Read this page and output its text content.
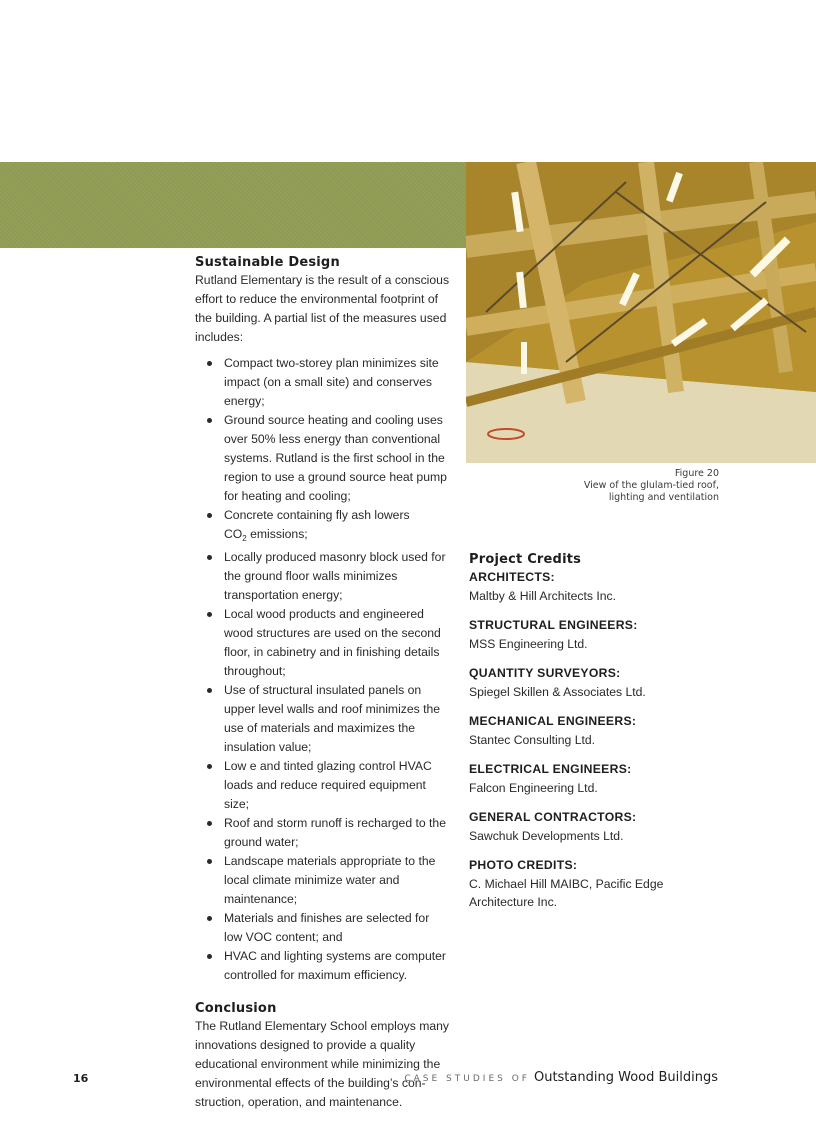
Figure 20
View of the glulam-tied roof,
lighting and ventilation
Sustainable Design

Rutland Elementary is the result of a conscious effort to reduce the environmental footprint of the building. A partial list of the measures used includes:

Compact two-storey plan minimizes site impact (on a small site) and conserves energy;
Ground source heating and cooling uses over 50% less energy than conventional systems. Rutland is the first school in the region to use a ground source heat pump for heating and cooling;
Concrete containing fly ash lowers
$CO_2$ emissions;
Locally produced masonry block used for the ground floor walls minimizes transportation energy;
Local wood products and engineered wood structures are used on the second floor, in cabinetry and in finishing details throughout;
Use of structural insulated panels on upper level walls and roof minimizes the use of materials and maximizes the insulation value;
Low e and tinted glazing control HVAC loads and reduce required equipment size;
Roof and storm runoff is recharged to the ground water;
Landscape materials appropriate to the local climate minimize water and maintenance;
Materials and finishes are selected for low VOC content; and
HVAC and lighting systems are computer controlled for maximum efficiency.
Conclusion

The Rutland Elementary School employs many innovations designed to provide a quality educational environment while minimizing the environmental effects of the building’s con-struction, operation, and maintenance.

Project Credits
ARCHITECTS:
Maltby & Hill Architects Inc.
STRUCTURAL ENGINEERS:
MSS Engineering Ltd.
QUANTITY SURVEYORS:
Spiegel Skillen & Associates Ltd.
MECHANICAL ENGINEERS:
Stantec Consulting Ltd.
ELECTRICAL ENGINEERS:
Falcon Engineering Ltd.
GENERAL CONTRACTORS:
Sawchuk Developments Ltd.
PHOTO CREDITS:
C. Michael Hill MAIBC, Pacific Edge Architecture Inc.
16	CASE STUDIES OF Outstanding Wood Buildings
